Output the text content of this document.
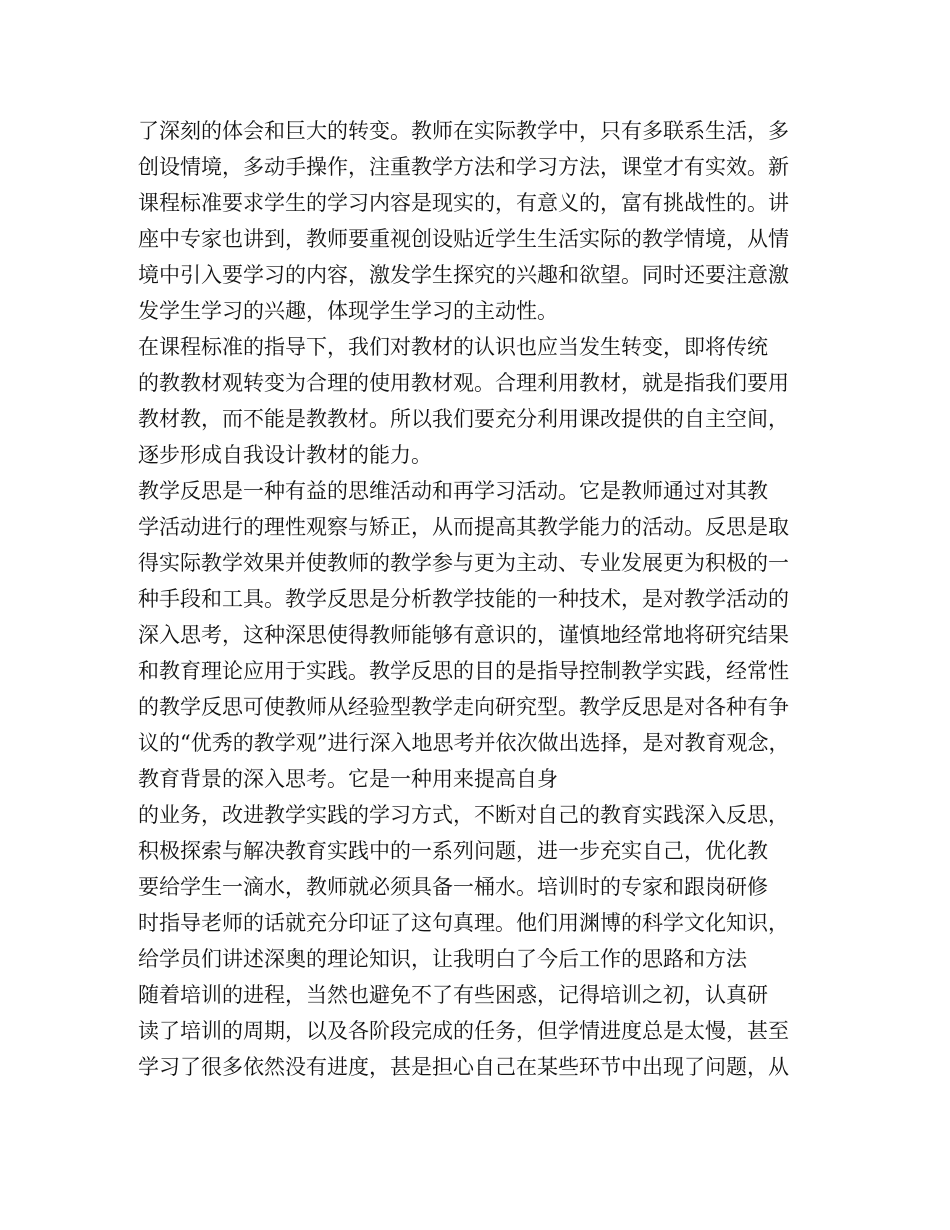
了深刻的体会和巨大的转变。教师在实际教学中，只有多联系生活，多
创设情境，多动手操作，注重教学方法和学习方法，课堂才有实效。新
课程标准要求学生的学习内容是现实的，有意义的，富有挑战性的。讲
座中专家也讲到，教师要重视创设贴近学生生活实际的教学情境，从情
境中引入要学习的内容，激发学生探究的兴趣和欲望。同时还要注意激
发学生学习的兴趣，体现学生学习的主动性。
在课程标准的指导下，我们对教材的认识也应当发生转变，即将传统
的教教材观转变为合理的使用教材观。合理利用教材，就是指我们要用
教材教，而不能是教教材。所以我们要充分利用课改提供的自主空间，
逐步形成自我设计教材的能力。
教学反思是一种有益的思维活动和再学习活动。它是教师通过对其教
学活动进行的理性观察与矫正，从而提高其教学能力的活动。反思是取
得实际教学效果并使教师的教学参与更为主动、专业发展更为积极的一
种手段和工具。教学反思是分析教学技能的一种技术，是对教学活动的
深入思考，这种深思使得教师能够有意识的，谨慎地经常地将研究结果
和教育理论应用于实践。教学反思的目的是指导控制教学实践，经常性
的教学反思可使教师从经验型教学走向研究型。教学反思是对各种有争
议的“优秀的教学观”进行深入地思考并依次做出选择，是对教育观念，
教育背景的深入思考。它是一种用来提高自身
的业务，改进教学实践的学习方式，不断对自己的教育实践深入反思，
积极探索与解决教育实践中的一系列问题，进一步充实自己，优化教
要给学生一滴水，教师就必须具备一桶水。培训时的专家和跟岗研修
时指导老师的话就充分印证了这句真理。他们用渊博的科学文化知识，
给学员们讲述深奥的理论知识，让我明白了今后工作的思路和方法
随着培训的进程，当然也避免不了有些困惑，记得培训之初，认真研
读了培训的周期，以及各阶段完成的任务，但学情进度总是太慢，甚至
学习了很多依然没有进度，甚是担心自己在某些环节中出现了问题，从
